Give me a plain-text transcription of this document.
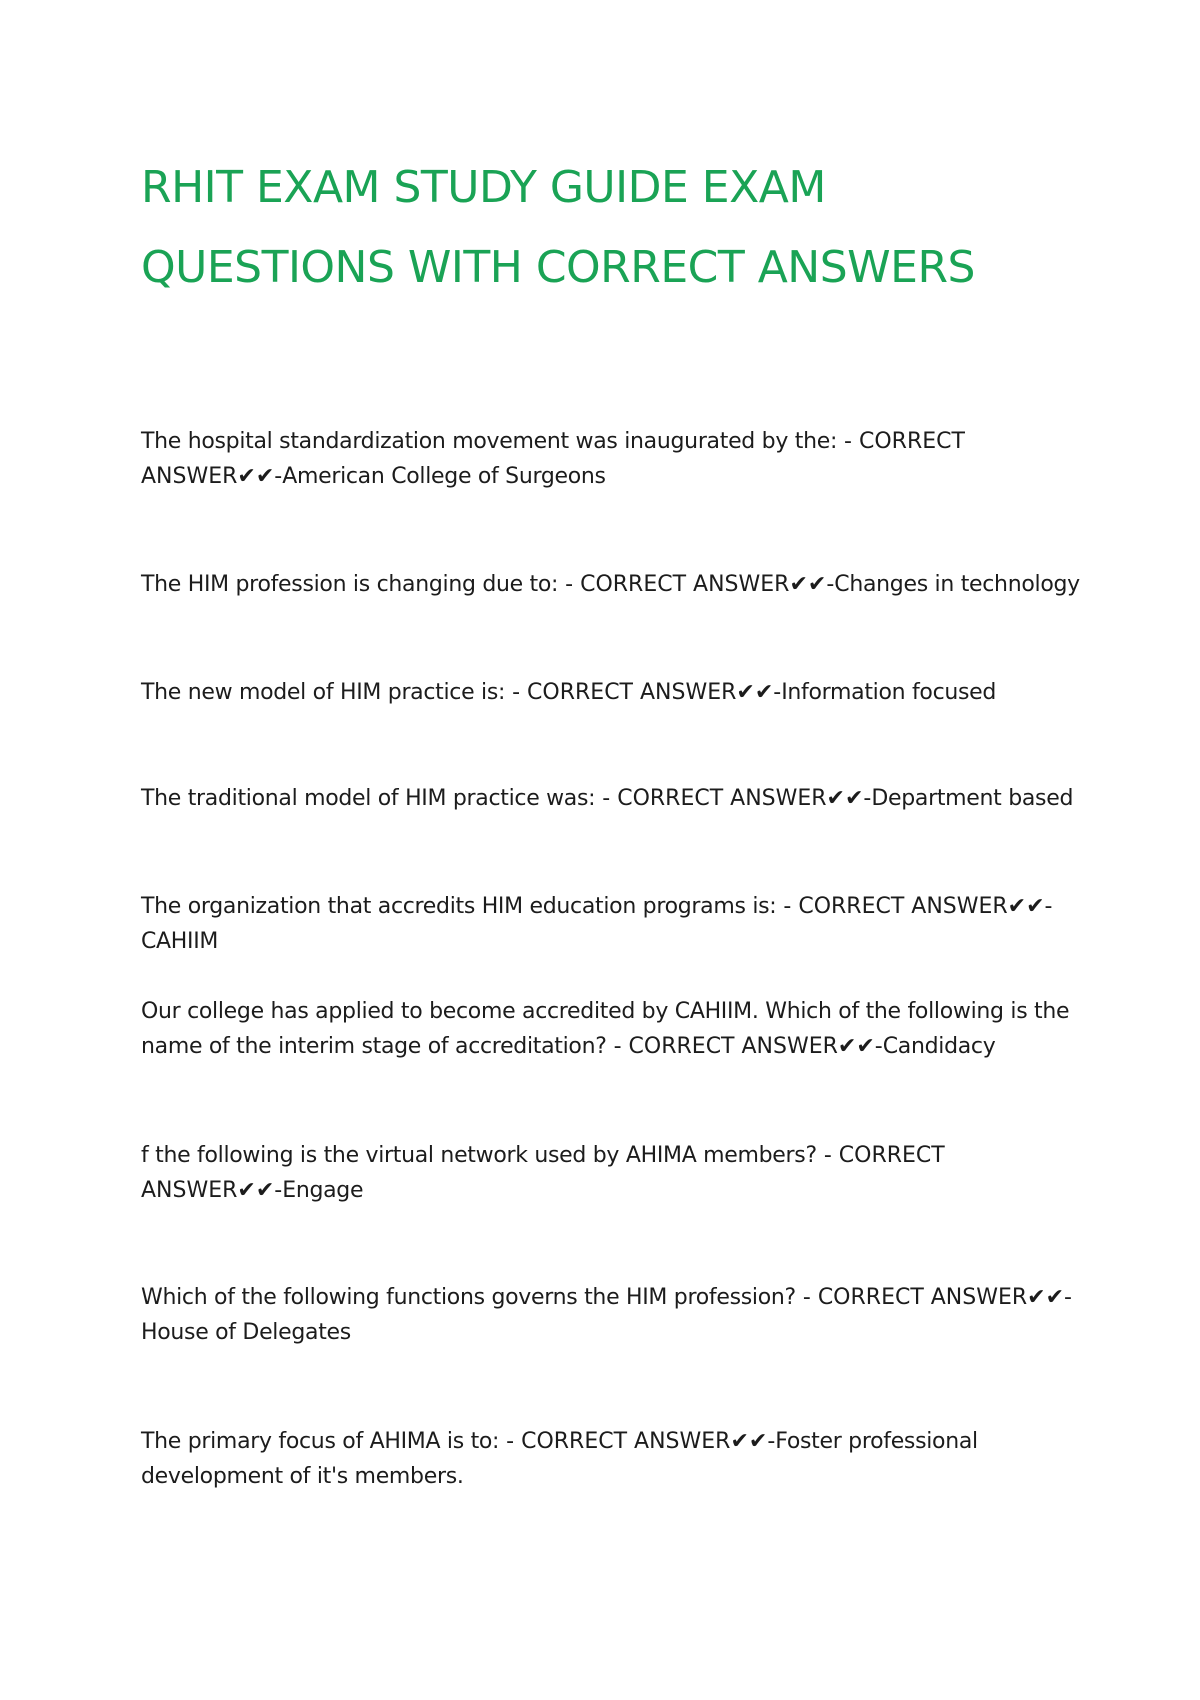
RHIT EXAM STUDY GUIDE EXAM QUESTIONS WITH CORRECT ANSWERS

The hospital standardization movement was inaugurated by the: - CORRECT ANSWER✔✔-American College of Surgeons

The HIM profession is changing due to: - CORRECT ANSWER✔✔-Changes in technology

The new model of HIM practice is: - CORRECT ANSWER✔✔-Information focused

The traditional model of HIM practice was: - CORRECT ANSWER✔✔-Department based

The organization that accredits HIM education programs is: - CORRECT ANSWER✔✔-CAHIIM

Our college has applied to become accredited by CAHIIM. Which of the following is the name of the interim stage of accreditation? - CORRECT ANSWER✔✔-Candidacy

f the following is the virtual network used by AHIMA members? - CORRECT ANSWER✔✔-Engage

Which of the following functions governs the HIM profession? - CORRECT ANSWER✔✔-House of Delegates

The primary focus of AHIMA is to: - CORRECT ANSWER✔✔-Foster professional development of it's members.
